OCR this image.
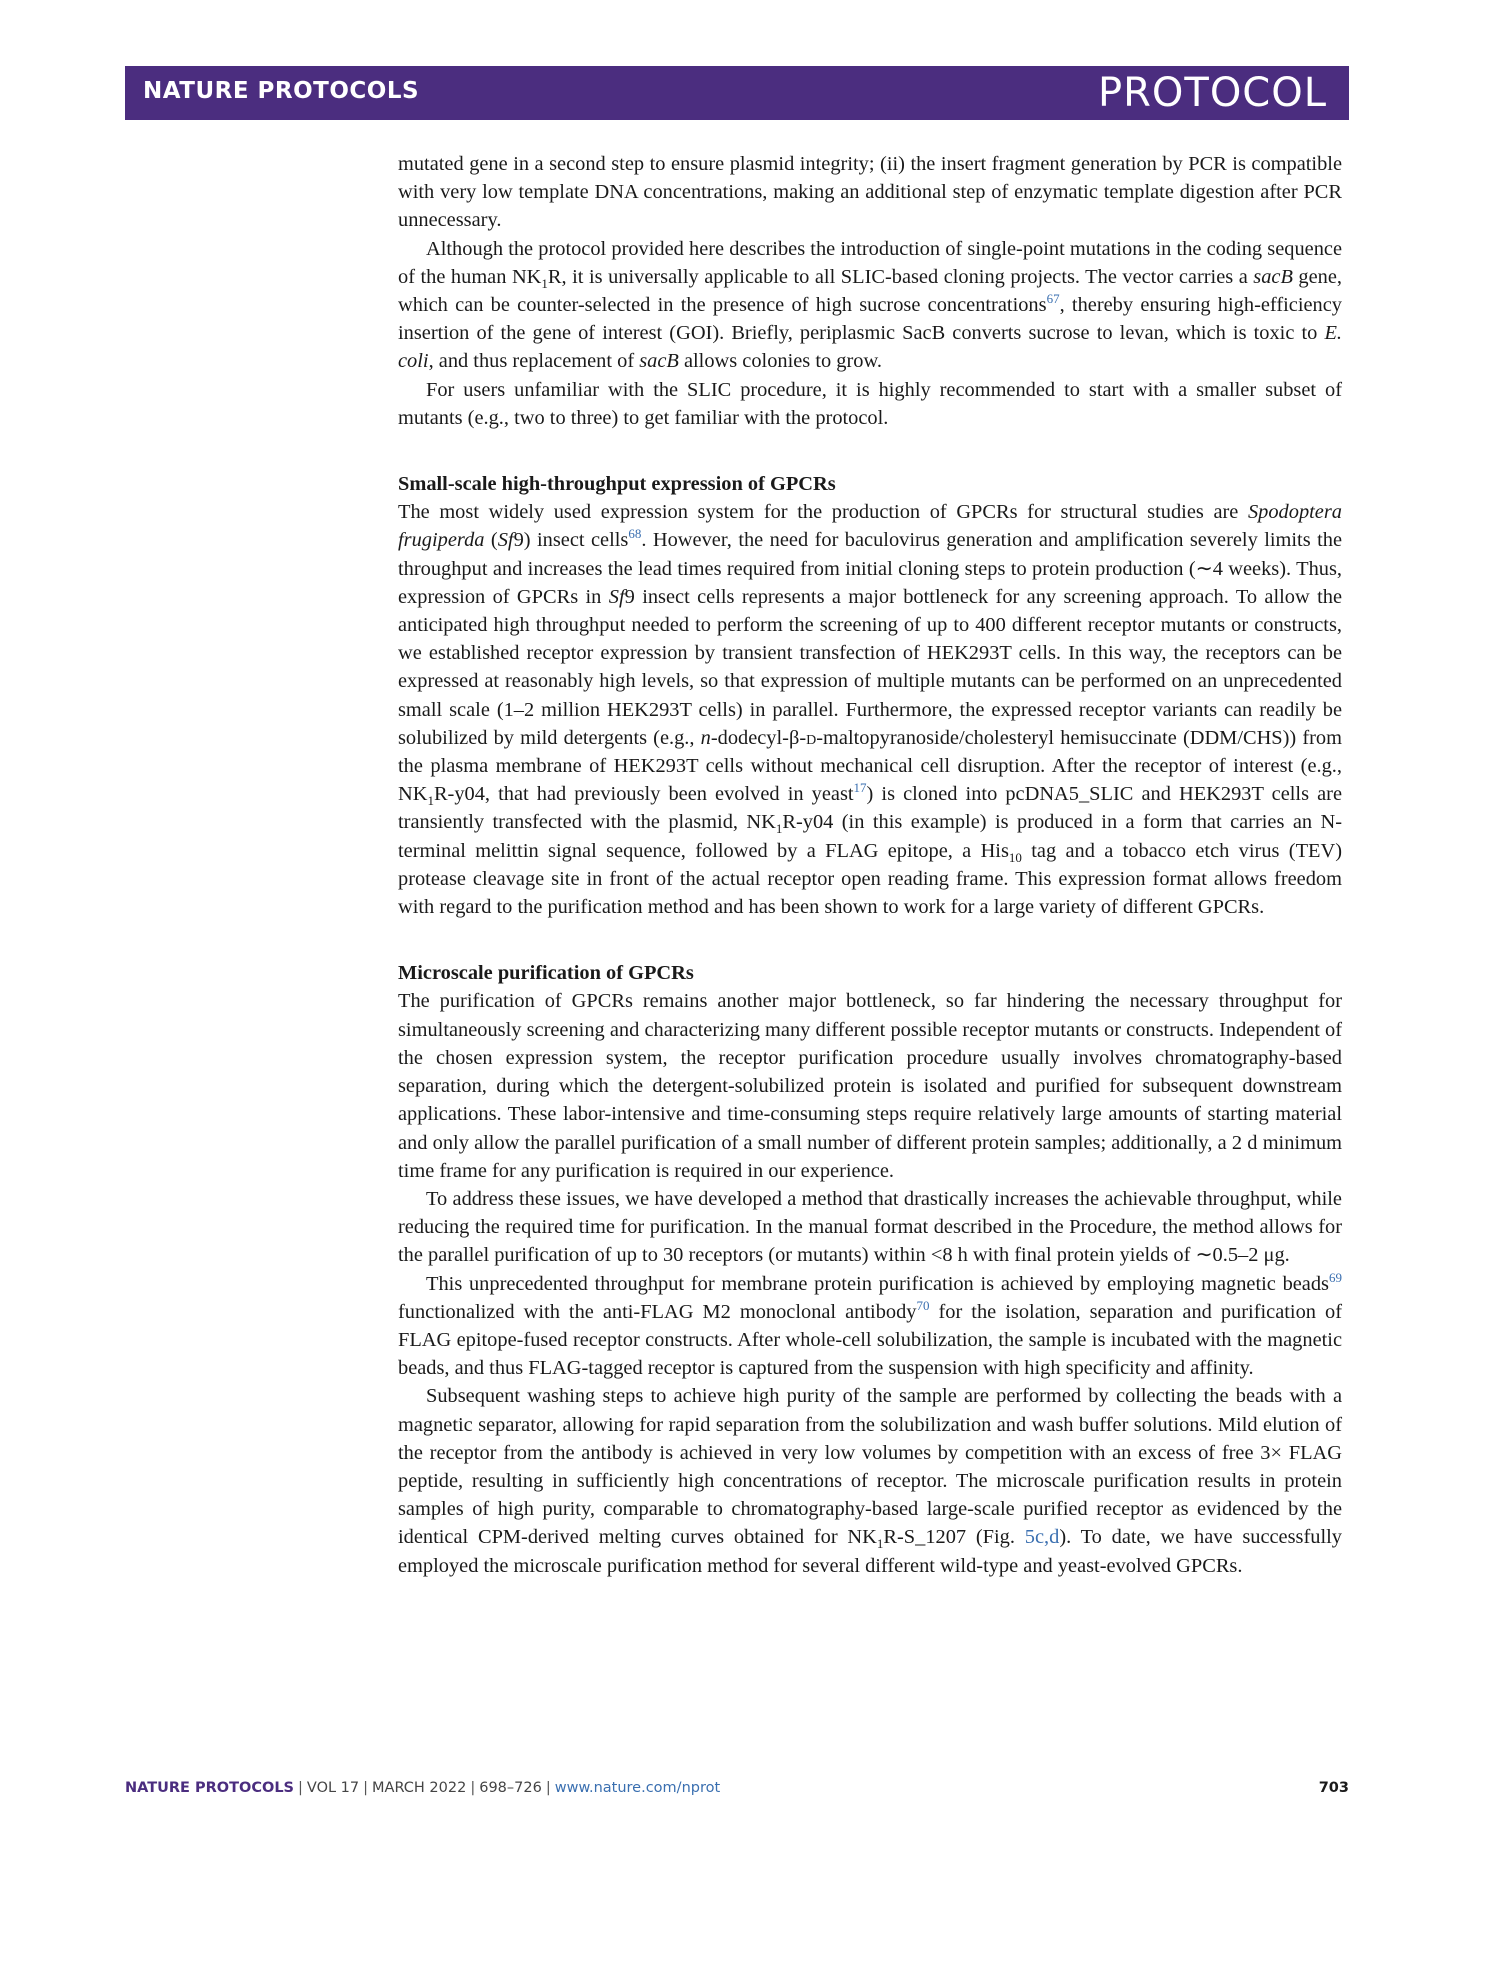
NATURE PROTOCOLS	PROTOCOL

mutated gene in a second step to ensure plasmid integrity; (ii) the insert fragment generation by PCR is compatible with very low template DNA concentrations, making an additional step of enzymatic template digestion after PCR unnecessary.

Although the protocol provided here describes the introduction of single-point mutations in the coding sequence of the human $NK_1R$, it is universally applicable to all SLIC-based cloning projects. The vector carries a sacB gene, which can be counter-selected in the presence of high sucrose concentrations$^{67}$, thereby ensuring high-efficiency insertion of the gene of interest (GOI). Briefly, periplasmic SacB converts sucrose to levan, which is toxic to E. coli, and thus replacement of sacB allows colonies to grow.

For users unfamiliar with the SLIC procedure, it is highly recommended to start with a smaller subset of mutants (e.g., two to three) to get familiar with the protocol.

Small-scale high-throughput expression of GPCRs

The most widely used expression system for the production of GPCRs for structural studies are Spodoptera frugiperda (Sf9) insect cells$^{68}$. However, the need for baculovirus generation and amplification severely limits the throughput and increases the lead times required from initial cloning steps to protein production (∼4 weeks). Thus, expression of GPCRs in Sf9 insect cells represents a major bottleneck for any screening approach. To allow the anticipated high throughput needed to perform the screening of up to 400 different receptor mutants or constructs, we established receptor expression by transient transfection of HEK293T cells. In this way, the receptors can be expressed at reasonably high levels, so that expression of multiple mutants can be performed on an unprecedented small scale (1–2 million HEK293T cells) in parallel. Furthermore, the expressed receptor variants can readily be solubilized by mild detergents (e.g., n-dodecyl-β-d-maltopyranoside/cholesteryl hemisuccinate (DDM/CHS)) from the plasma membrane of HEK293T cells without mechanical cell disruption. After the receptor of interest (e.g., $NK_1R-y04$, that had previously been evolved in yeast$^{17}$) is cloned into pcDNA5_SLIC and HEK293T cells are transiently transfected with the plasmid, $NK_1R-y04$ (in this example) is produced in a form that carries an N-terminal melittin signal sequence, followed by a FLAG epitope, a His$_{10}$ tag and a tobacco etch virus (TEV) protease cleavage site in front of the actual receptor open reading frame. This expression format allows freedom with regard to the purification method and has been shown to work for a large variety of different GPCRs.

Microscale purification of GPCRs

The purification of GPCRs remains another major bottleneck, so far hindering the necessary throughput for simultaneously screening and characterizing many different possible receptor mutants or constructs. Independent of the chosen expression system, the receptor purification procedure usually involves chromatography-based separation, during which the detergent-solubilized protein is isolated and purified for subsequent downstream applications. These labor-intensive and time-consuming steps require relatively large amounts of starting material and only allow the parallel purification of a small number of different protein samples; additionally, a 2 d minimum time frame for any purification is required in our experience.

To address these issues, we have developed a method that drastically increases the achievable throughput, while reducing the required time for purification. In the manual format described in the Procedure, the method allows for the parallel purification of up to 30 receptors (or mutants) within <8 h with final protein yields of ∼0.5–2 μg.

This unprecedented throughput for membrane protein purification is achieved by employing magnetic beads$^{69}$ functionalized with the anti-FLAG M2 monoclonal antibody$^{70}$ for the isolation, separation and purification of FLAG epitope-fused receptor constructs. After whole-cell solubilization, the sample is incubated with the magnetic beads, and thus FLAG-tagged receptor is captured from the suspension with high specificity and affinity.

Subsequent washing steps to achieve high purity of the sample are performed by collecting the beads with a magnetic separator, allowing for rapid separation from the solubilization and wash buffer solutions. Mild elution of the receptor from the antibody is achieved in very low volumes by competition with an excess of free 3× FLAG peptide, resulting in sufficiently high concentrations of receptor. The microscale purification results in protein samples of high purity, comparable to chromatography-based large-scale purified receptor as evidenced by the identical CPM-derived melting curves obtained for $NK_1R-S\_1207$ (Fig. 5c,d). To date, we have successfully employed the microscale purification method for several different wild-type and yeast-evolved GPCRs.

NATURE PROTOCOLS | VOL 17 | MARCH 2022 | 698–726 | www.nature.com/nprot	703
